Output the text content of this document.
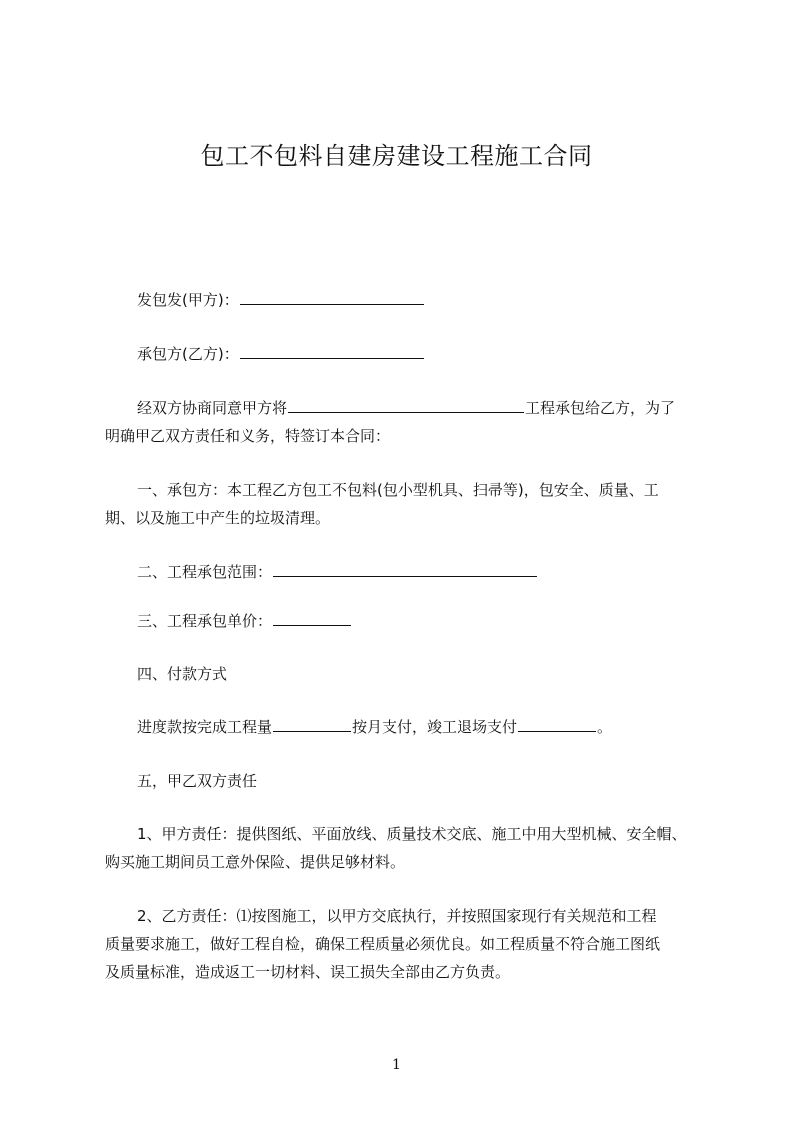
包工不包料自建房建设工程施工合同
发包发(甲方)：
承包方(乙方)：
经双方协商同意甲方将	工程承包给乙方，为了
明确甲乙双方责任和义务，特签订本合同：
一、承包方：本工程乙方包工不包料(包小型机具、扫帚等)，包安全、质量、工
期、以及施工中产生的垃圾清理。
二、工程承包范围：
三、工程承包单价：
四、付款方式
进度款按完成工程量	按月支付，竣工退场支付	。
五，甲乙双方责任
1、甲方责任：提供图纸、平面放线、质量技术交底、施工中用大型机械、安全帽、
购买施工期间员工意外保险、提供足够材料。
2、乙方责任：⑴按图施工，以甲方交底执行，并按照国家现行有关规范和工程
质量要求施工，做好工程自检，确保工程质量必须优良。如工程质量不符合施工图纸
及质量标准，造成返工一切材料、误工损失全部由乙方负责。
1
